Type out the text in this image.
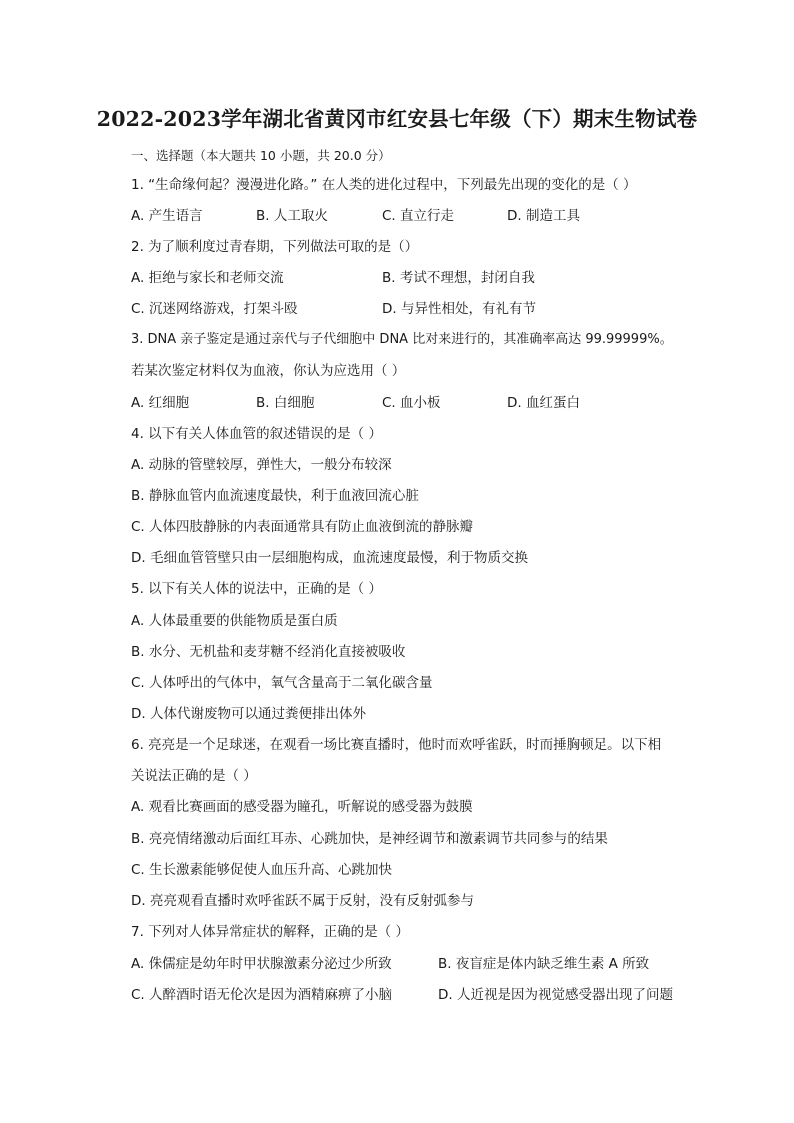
2022-2023学年湖北省黄冈市红安县七年级（下）期末生物试卷
一、选择题（本大题共 10 小题，共 20.0 分）
1. “生命缘何起？漫漫进化路。” 在人类的进化过程中，下列最先出现的变化的是（ ）
A. 产生语言	B. 人工取火	C. 直立行走	D. 制造工具
2. 为了顺利度过青春期，下列做法可取的是（）
A. 拒绝与家长和老师交流	B. 考试不理想，封闭自我
C. 沉迷网络游戏，打架斗殴	D. 与异性相处，有礼有节
3. DNA 亲子鉴定是通过亲代与子代细胞中 DNA 比对来进行的，其准确率高达 99.99999%。
若某次鉴定材料仅为血液，你认为应选用（ ）
A. 红细胞	B. 白细胞	C. 血小板	D. 血红蛋白
4. 以下有关人体血管的叙述错误的是（ ）
A. 动脉的管壁较厚，弹性大，一般分布较深
B. 静脉血管内血流速度最快，利于血液回流心脏
C. 人体四肢静脉的内表面通常具有防止血液倒流的静脉瓣
D. 毛细血管管壁只由一层细胞构成，血流速度最慢，利于物质交换
5. 以下有关人体的说法中，正确的是（ ）
A. 人体最重要的供能物质是蛋白质
B. 水分、无机盐和麦芽糖不经消化直接被吸收
C. 人体呼出的气体中，氧气含量高于二氧化碳含量
D. 人体代谢废物可以通过粪便排出体外
6. 亮亮是一个足球迷，在观看一场比赛直播时，他时而欢呼雀跃，时而捶胸顿足。以下相
关说法正确的是（ ）
A. 观看比赛画面的感受器为瞳孔，听解说的感受器为鼓膜
B. 亮亮情绪激动后面红耳赤、心跳加快，是神经调节和激素调节共同参与的结果
C. 生长激素能够促使人血压升高、心跳加快
D. 亮亮观看直播时欢呼雀跃不属于反射，没有反射弧参与
7. 下列对人体异常症状的解释，正确的是（ ）
A. 侏儒症是幼年时甲状腺激素分泌过少所致	B. 夜盲症是体内缺乏维生素 A 所致
C. 人醉酒时语无伦次是因为酒精麻痹了小脑	D. 人近视是因为视觉感受器出现了问题
